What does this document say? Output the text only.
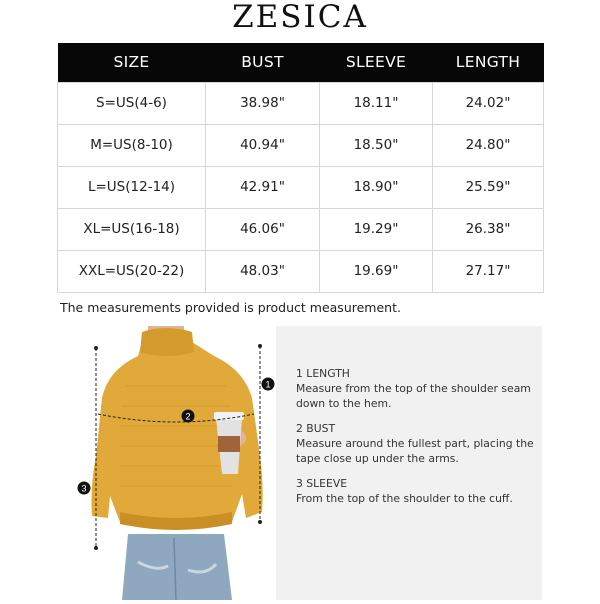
ZESICA
SIZE	BUST	SLEEVE	LENGTH
S=US(4-6)	38.98"	18.11"	24.02"
M=US(8-10)	40.94"	18.50"	24.80"
L=US(12-14)	42.91"	18.90"	25.59"
XL=US(16-18)	46.06"	19.29"	26.38"
XXL=US(20-22)	48.03"	19.69"	27.17"
The measurements provided is product measurement.
1
2
3
1 LENGTH
Measure from the top of the shoulder seam down to the hem.
2 BUST
Measure around the fullest part, placing the tape close up under the arms.
3 SLEEVE
From the top of the shoulder to the cuff.
